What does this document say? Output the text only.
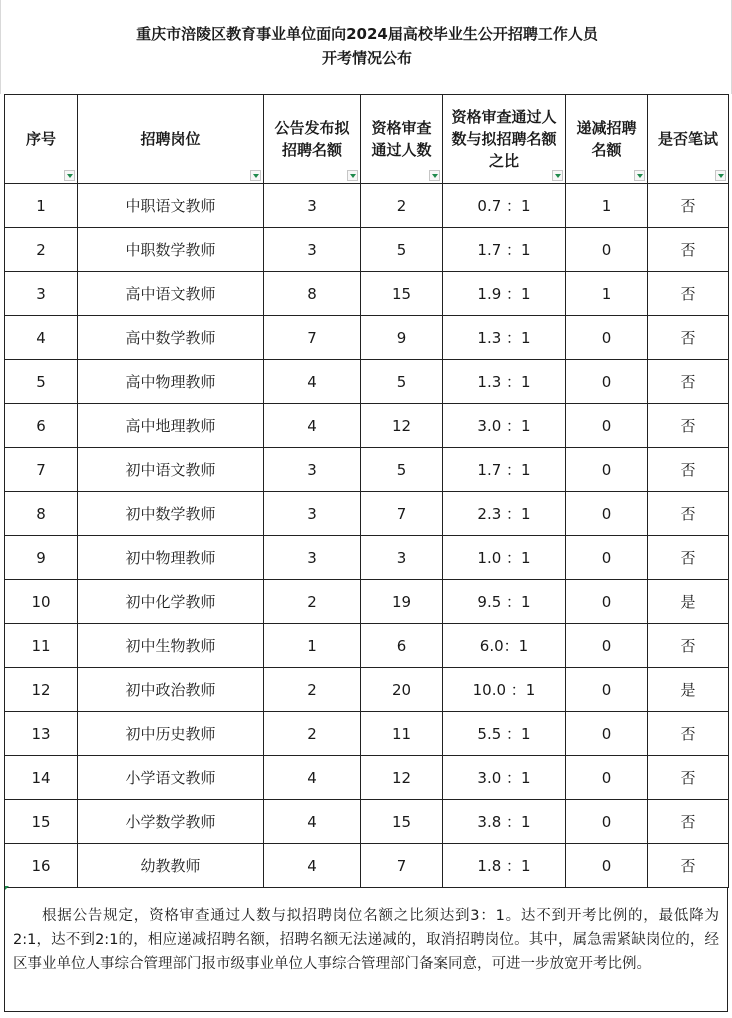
重庆市涪陵区教育事业单位面向2024届高校毕业生公开招聘工作人员
开考情况公布
序号	招聘岗位	公告发布拟招聘名额	资格审查通过人数	资格审查通过人数与拟招聘名额之比	递减招聘名额	是否笔试

1	中职语文教师	3	2	0.7 ：1	1	否
2	中职数学教师	3	5	1.7 ：1	0	否
3	高中语文教师	8	15	1.9 ：1	1	否
4	高中数学教师	7	9	1.3 ：1	0	否
5	高中物理教师	4	5	1.3 ：1	0	否
6	高中地理教师	4	12	3.0 ：1	0	否
7	初中语文教师	3	5	1.7 ：1	0	否
8	初中数学教师	3	7	2.3 ：1	0	否
9	初中物理教师	3	3	1.0 ：1	0	否
10	初中化学教师	2	19	9.5 ：1	0	是
11	初中生物教师	1	6	6.0：1	0	否
12	初中政治教师	2	20	10.0 ：1	0	是
13	初中历史教师	2	11	5.5 ：1	0	否
14	小学语文教师	4	12	3.0 ：1	0	否
15	小学数学教师	4	15	3.8 ：1	0	否
16	幼教教师	4	7	1.8 ：1	0	否
根据公告规定，资格审查通过人数与拟招聘岗位名额之比须达到3：1。达不到开考比例的，最低降为2:1，达不到2:1的，相应递减招聘名额，招聘名额无法递减的，取消招聘岗位。其中，属急需紧缺岗位的，经区事业单位人事综合管理部门报市级事业单位人事综合管理部门备案同意，可进一步放宽开考比例。
